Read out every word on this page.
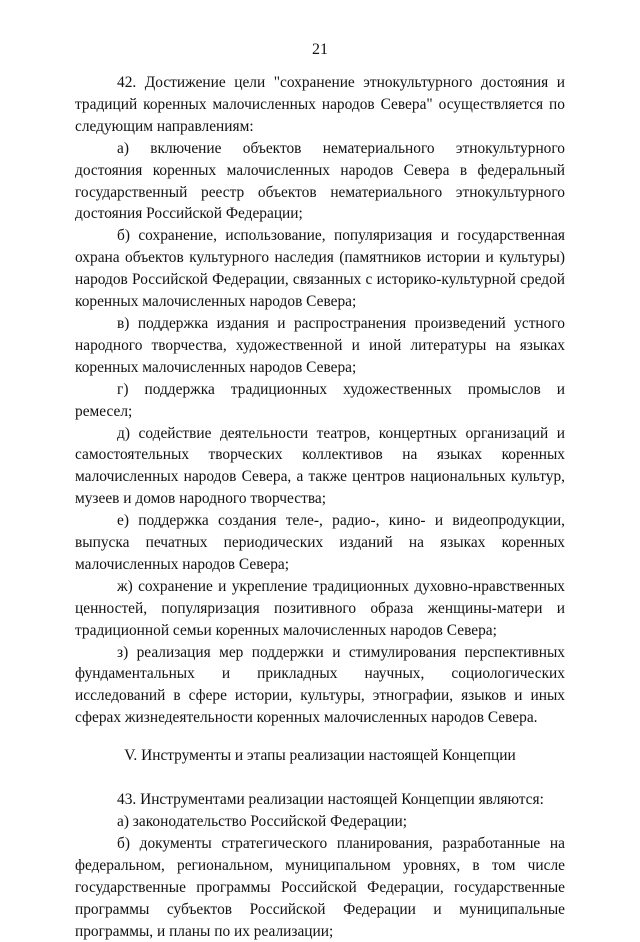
21

42. Достижение цели "сохранение этнокультурного достояния и традиций коренных малочисленных народов Севера" осуществляется по следующим направлениям:

а) включение объектов нематериального этнокультурного достояния коренных малочисленных народов Севера в федеральный государственный реестр объектов нематериального этнокультурного достояния Российской Федерации;

б) сохранение, использование, популяризация и государственная охрана объектов культурного наследия (памятников истории и культуры) народов Российской Федерации, связанных с историко-культурной средой коренных малочисленных народов Севера;

в) поддержка издания и распространения произведений устного народного творчества, художественной и иной литературы на языках коренных малочисленных народов Севера;

г) поддержка традиционных художественных промыслов и ремесел;

д) содействие деятельности театров, концертных организаций и самостоятельных творческих коллективов на языках коренных малочисленных народов Севера, а также центров национальных культур, музеев и домов народного творчества;

е) поддержка создания теле-, радио-, кино- и видеопродукции, выпуска печатных периодических изданий на языках коренных малочисленных народов Севера;

ж) сохранение и укрепление традиционных духовно-нравственных ценностей, популяризация позитивного образа женщины-матери и традиционной семьи коренных малочисленных народов Севера;

з) реализация мер поддержки и стимулирования перспективных фундаментальных и прикладных научных, социологических исследований в сфере истории, культуры, этнографии, языков и иных сферах жизнедеятельности коренных малочисленных народов Севера.

V. Инструменты и этапы реализации настоящей Концепции

43. Инструментами реализации настоящей Концепции являются:

а) законодательство Российской Федерации;

б) документы стратегического планирования, разработанные на федеральном, региональном, муниципальном уровнях, в том числе государственные программы Российской Федерации, государственные программы субъектов Российской Федерации и муниципальные программы, и планы по их реализации;
